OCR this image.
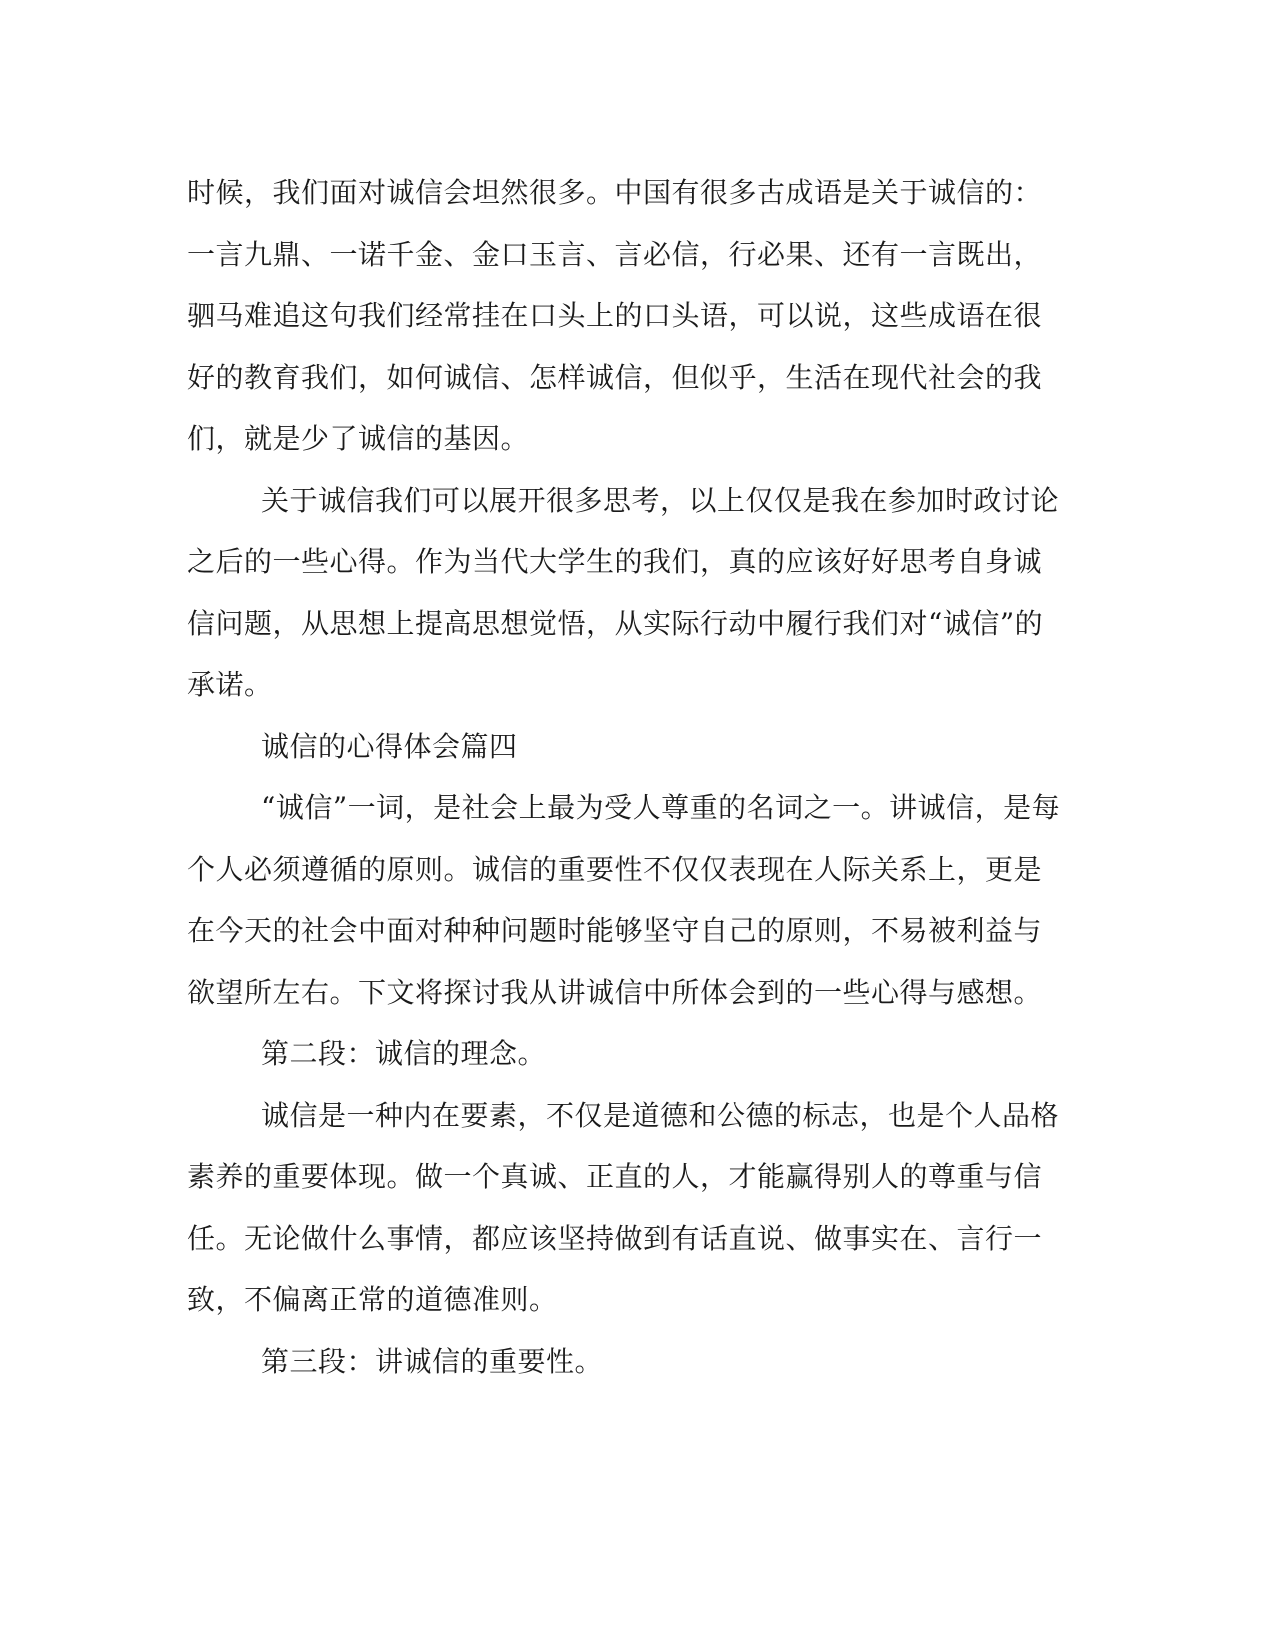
时候，我们面对诚信会坦然很多。中国有很多古成语是关于诚信的：

一言九鼎、一诺千金、金口玉言、言必信，行必果、还有一言既出，

驷马难追这句我们经常挂在口头上的口头语，可以说，这些成语在很

好的教育我们，如何诚信、怎样诚信，但似乎，生活在现代社会的我

们，就是少了诚信的基因。

关于诚信我们可以展开很多思考，以上仅仅是我在参加时政讨论

之后的一些心得。作为当代大学生的我们，真的应该好好思考自身诚

信问题，从思想上提高思想觉悟，从实际行动中履行我们对“诚信”的

承诺。

诚信的心得体会篇四

“诚信”一词，是社会上最为受人尊重的名词之一。讲诚信，是每

个人必须遵循的原则。诚信的重要性不仅仅表现在人际关系上，更是

在今天的社会中面对种种问题时能够坚守自己的原则，不易被利益与

欲望所左右。下文将探讨我从讲诚信中所体会到的一些心得与感想。

第二段：诚信的理念。

诚信是一种内在要素，不仅是道德和公德的标志，也是个人品格

素养的重要体现。做一个真诚、正直的人，才能赢得别人的尊重与信

任。无论做什么事情，都应该坚持做到有话直说、做事实在、言行一

致，不偏离正常的道德准则。

第三段：讲诚信的重要性。
